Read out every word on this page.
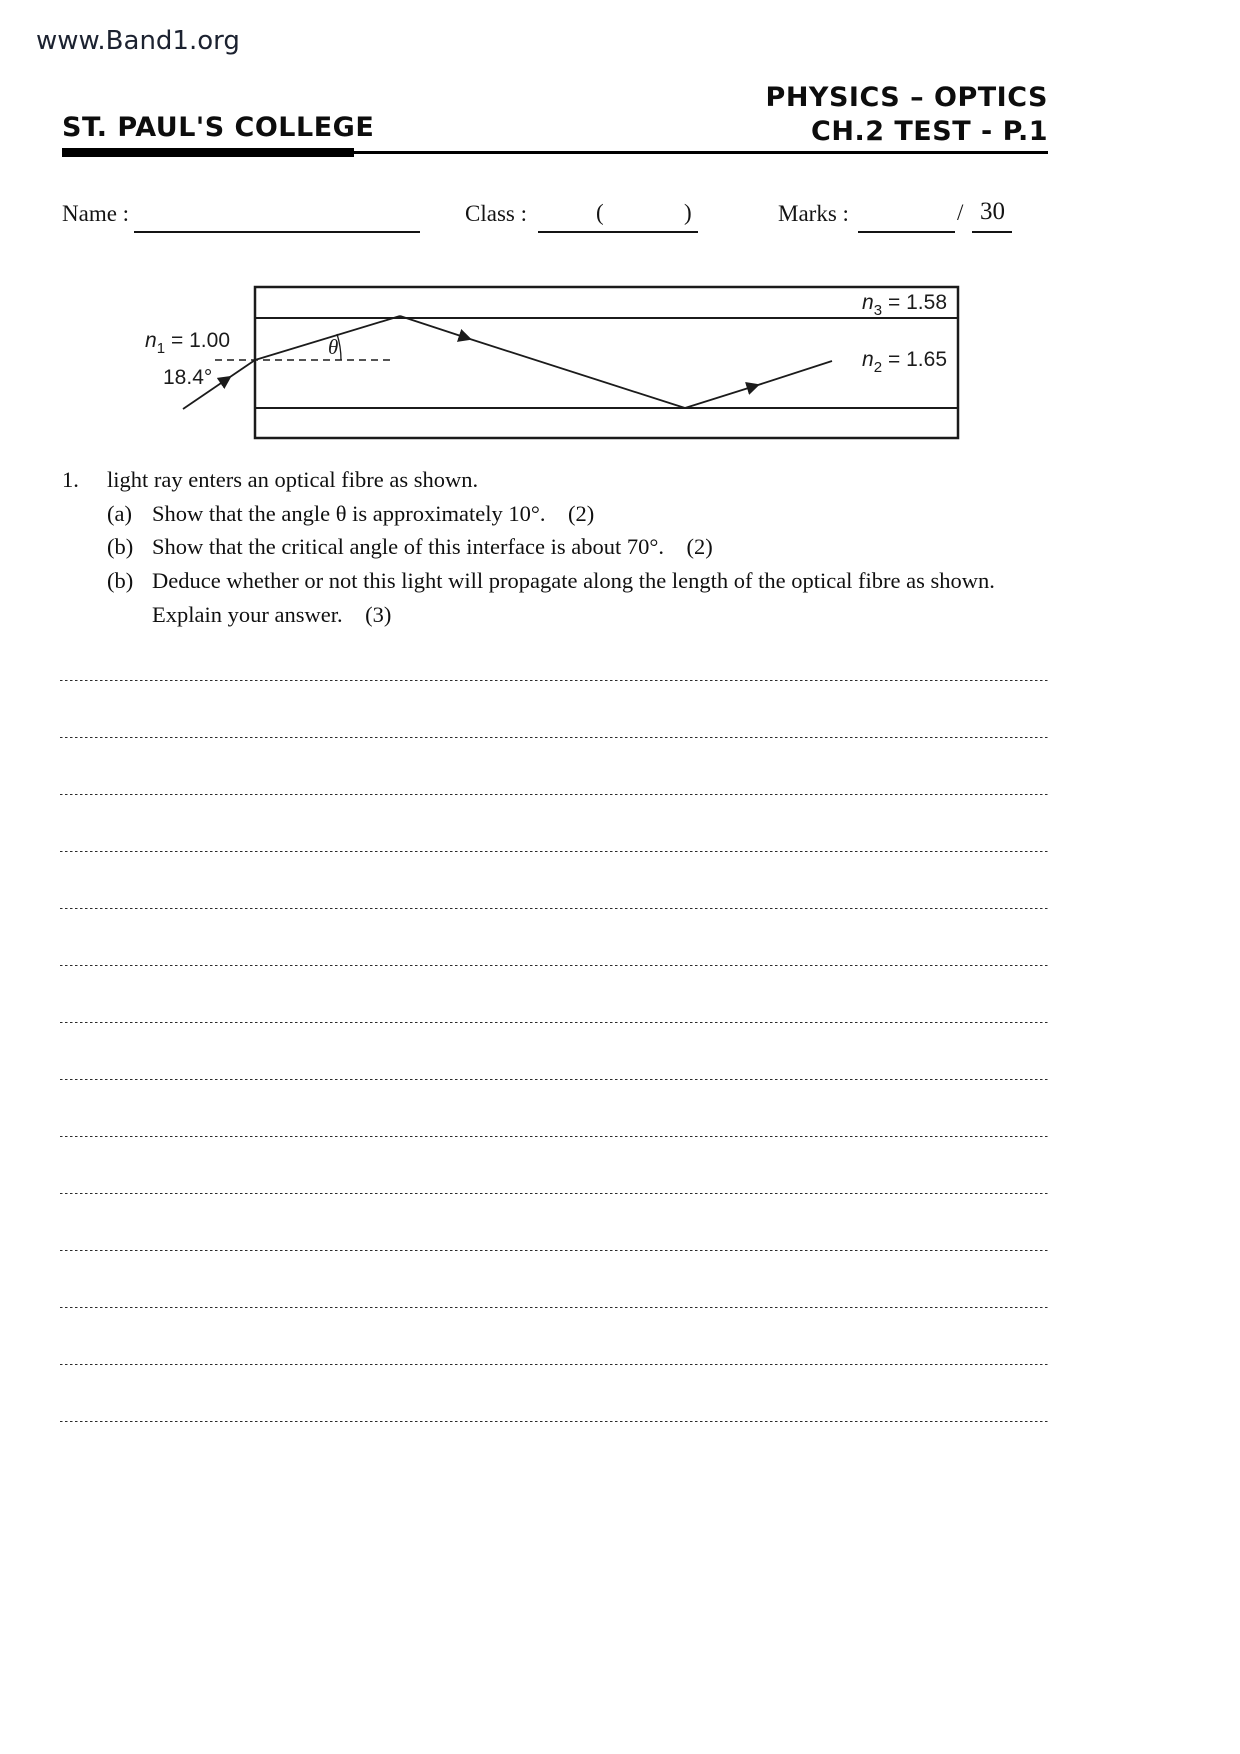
www.Band1.org
PHYSICS – OPTICS
ST. PAUL'S COLLEGE	CH.2 TEST - P.1
Name :	Class :	(	)	Marks :	/ 30
$n_1 = 1.00$
18.4°
θ
$n_3 = 1.58$
$n_2 = 1.65$
1. light ray enters an optical fibre as shown.
(a) Show that the angle θ is approximately 10°.    (2)
(b) Show that the critical angle of this interface is about 70°.    (2)
(b) Deduce whether or not this light will propagate along the length of the optical fibre as shown.
Explain your answer.    (3)
